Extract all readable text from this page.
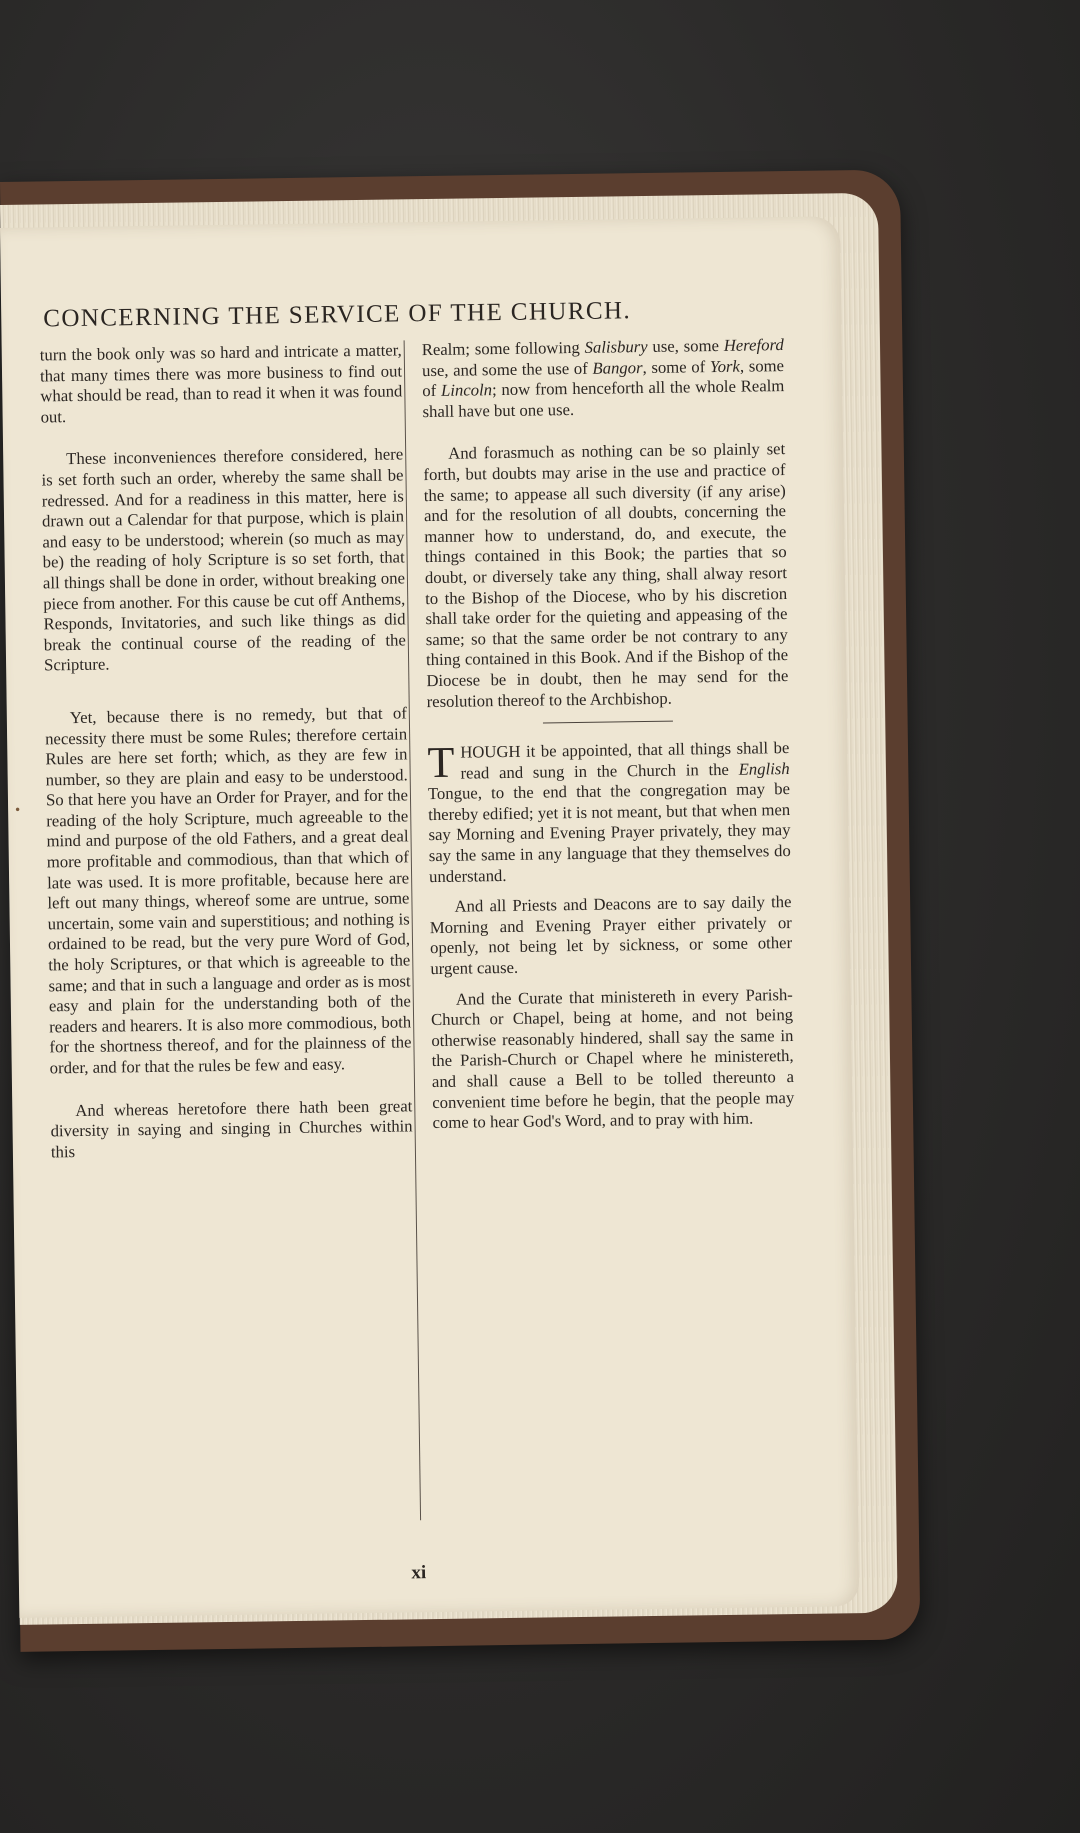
CONCERNING THE SERVICE OF THE CHURCH.

turn the book only was so hard and intricate a matter, that many times there was more business to find out what should be read, than to read it when it was found out.

These inconveniences therefore considered, here is set forth such an order, whereby the same shall be redressed. And for a readiness in this matter, here is drawn out a Calendar for that purpose, which is plain and easy to be understood; wherein (so much as may be) the reading of holy Scripture is so set forth, that all things shall be done in order, without breaking one piece from another. For this cause be cut off Anthems, Responds, Invitatories, and such like things as did break the continual course of the reading of the Scripture.

Yet, because there is no remedy, but that of necessity there must be some Rules; therefore certain Rules are here set forth; which, as they are few in number, so they are plain and easy to be understood. So that here you have an Order for Prayer, and for the reading of the holy Scripture, much agreeable to the mind and purpose of the old Fathers, and a great deal more profitable and commodious, than that which of late was used. It is more profitable, because here are left out many things, whereof some are untrue, some uncertain, some vain and superstitious; and nothing is ordained to be read, but the very pure Word of God, the holy Scriptures, or that which is agreeable to the same; and that in such a language and order as is most easy and plain for the understanding both of the readers and hearers. It is also more commodious, both for the shortness thereof, and for the plainness of the order, and for that the rules be few and easy.

And whereas heretofore there hath been great diversity in saying and singing in Churches within this

Realm; some following Salisbury use, some Hereford use, and some the use of Bangor, some of York, some of Lincoln; now from henceforth all the whole Realm shall have but one use.

And forasmuch as nothing can be so plainly set forth, but doubts may arise in the use and practice of the same; to appease all such diversity (if any arise) and for the resolution of all doubts, concerning the manner how to understand, do, and execute, the things contained in this Book; the parties that so doubt, or diversely take any thing, shall alway resort to the Bishop of the Diocese, who by his discretion shall take order for the quieting and appeasing of the same; so that the same order be not contrary to any thing contained in this Book. And if the Bishop of the Diocese be in doubt, then he may send for the resolution thereof to the Archbishop.

THOUGH it be appointed, that all things shall be read and sung in the Church in the English Tongue, to the end that the congregation may be thereby edified; yet it is not meant, but that when men say Morning and Evening Prayer privately, they may say the same in any language that they themselves do understand.

And all Priests and Deacons are to say daily the Morning and Evening Prayer either privately or openly, not being let by sickness, or some other urgent cause.

And the Curate that ministereth in every Parish-Church or Chapel, being at home, and not being otherwise reasonably hindered, shall say the same in the Parish-Church or Chapel where he ministereth, and shall cause a Bell to be tolled thereunto a convenient time before he begin, that the people may come to hear God's Word, and to pray with him.

•
xi
